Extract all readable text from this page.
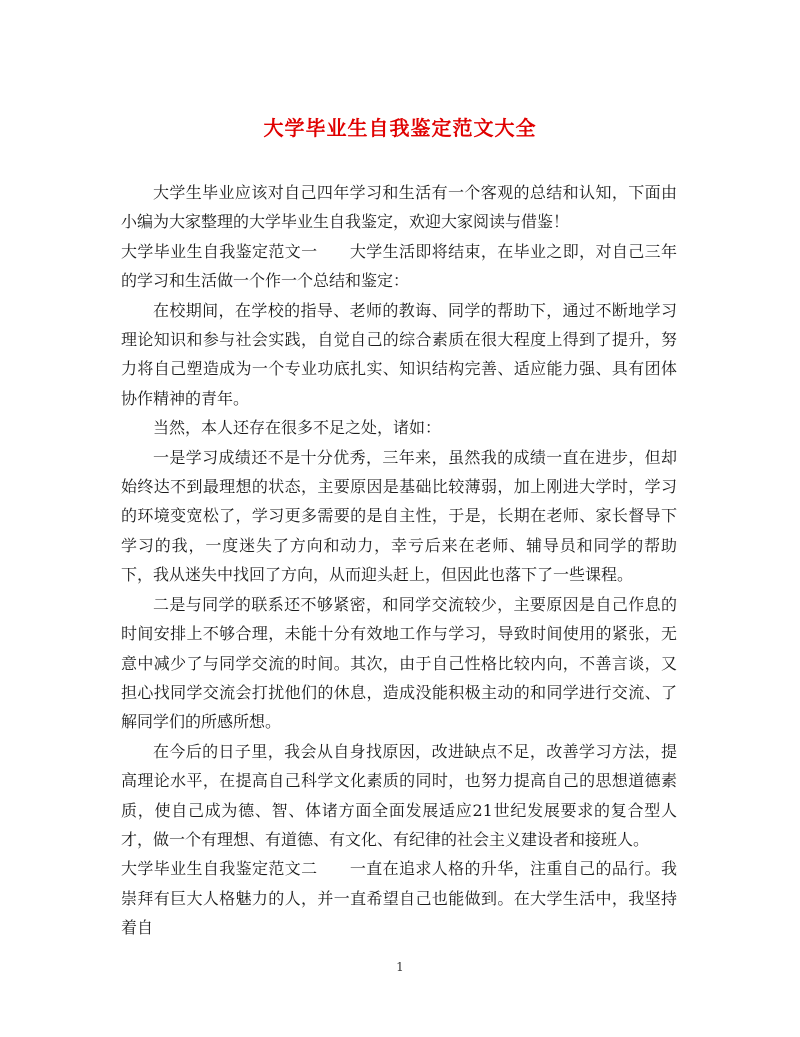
大学毕业生自我鉴定范文大全

大学生毕业应该对自己四年学习和生活有一个客观的总结和认知，下面由小编为大家整理的大学毕业生自我鉴定，欢迎大家阅读与借鉴！

大学毕业生自我鉴定范文一 大学生活即将结束，在毕业之即，对自己三年的学习和生活做一个作一个总结和鉴定：

在校期间，在学校的指导、老师的教诲、同学的帮助下，通过不断地学习理论知识和参与社会实践，自觉自己的综合素质在很大程度上得到了提升，努力将自己塑造成为一个专业功底扎实、知识结构完善、适应能力强、具有团体协作精神的青年。

当然，本人还存在很多不足之处，诸如：

一是学习成绩还不是十分优秀，三年来，虽然我的成绩一直在进步，但却始终达不到最理想的状态，主要原因是基础比较薄弱，加上刚进大学时，学习的环境变宽松了，学习更多需要的是自主性，于是，长期在老师、家长督导下学习的我，一度迷失了方向和动力，幸亏后来在老师、辅导员和同学的帮助下，我从迷失中找回了方向，从而迎头赶上，但因此也落下了一些课程。

二是与同学的联系还不够紧密，和同学交流较少，主要原因是自己作息的时间安排上不够合理，未能十分有效地工作与学习，导致时间使用的紧张，无意中减少了与同学交流的时间。其次，由于自己性格比较内向，不善言谈，又担心找同学交流会打扰他们的休息，造成没能积极主动的和同学进行交流、了解同学们的所感所想。

在今后的日子里，我会从自身找原因，改进缺点不足，改善学习方法，提高理论水平，在提高自己科学文化素质的同时，也努力提高自己的思想道德素质，使自己成为德、智、体诸方面全面发展适应21世纪发展要求的复合型人才，做一个有理想、有道德、有文化、有纪律的社会主义建设者和接班人。

大学毕业生自我鉴定范文二 一直在追求人格的升华，注重自己的品行。我崇拜有巨大人格魅力的人，并一直希望自己也能做到。在大学生活中，我坚持着自

1
